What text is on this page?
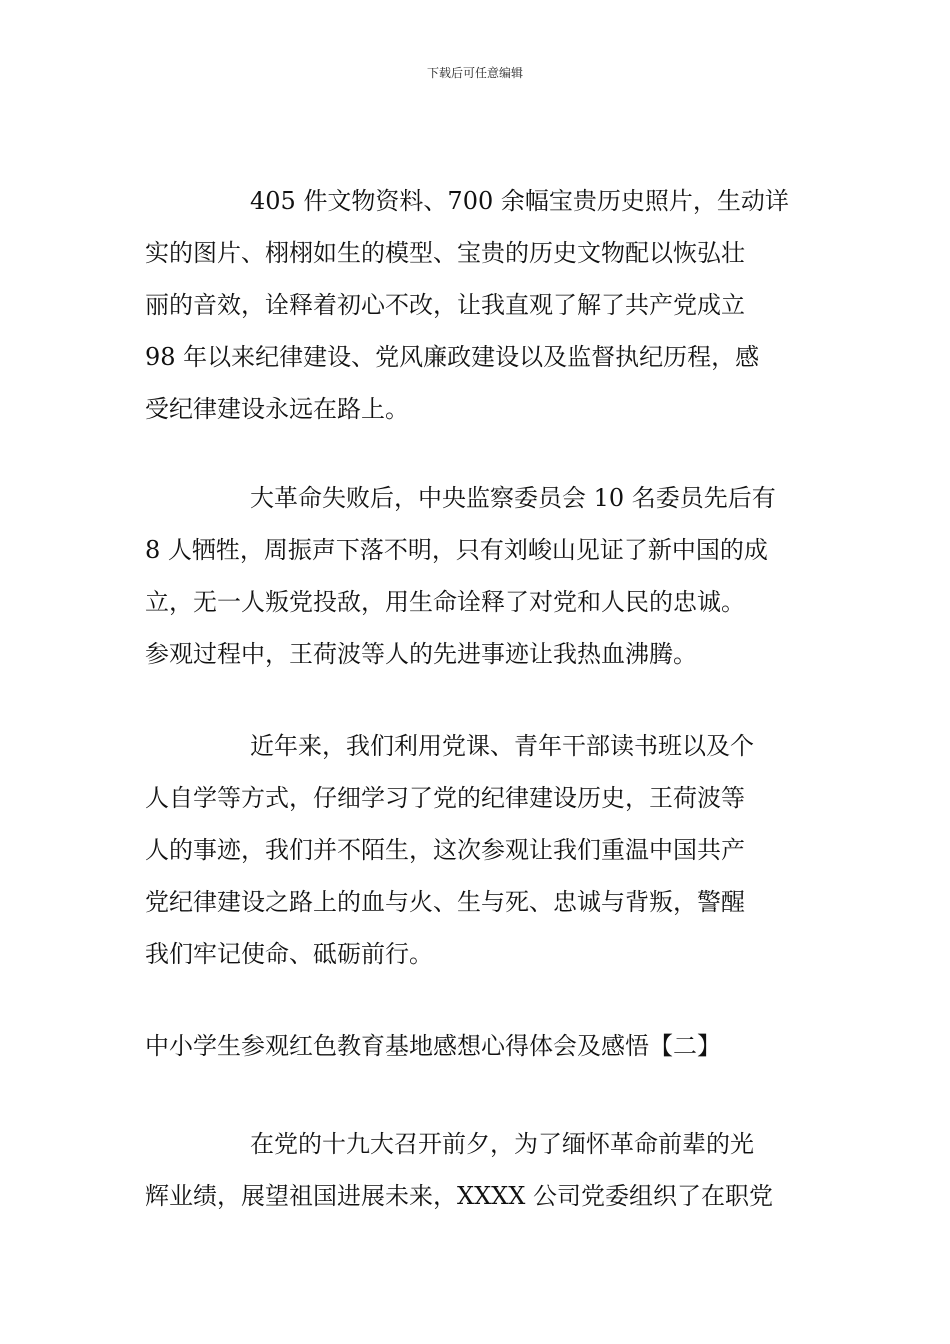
下载后可任意编辑
405 件文物资料、700 余幅宝贵历史照片，生动详
实的图片、栩栩如生的模型、宝贵的历史文物配以恢弘壮
丽的音效，诠释着初心不改，让我直观了解了共产党成立
98 年以来纪律建设、党风廉政建设以及监督执纪历程，感
受纪律建设永远在路上。
大革命失败后，中央监察委员会 10 名委员先后有
8 人牺牲，周振声下落不明，只有刘峻山见证了新中国的成
立，无一人叛党投敌，用生命诠释了对党和人民的忠诚。
参观过程中，王荷波等人的先进事迹让我热血沸腾。
近年来，我们利用党课、青年干部读书班以及个
人自学等方式，仔细学习了党的纪律建设历史，王荷波等
人的事迹，我们并不陌生，这次参观让我们重温中国共产
党纪律建设之路上的血与火、生与死、忠诚与背叛，警醒
我们牢记使命、砥砺前行。
中小学生参观红色教育基地感想心得体会及感悟【二】
在党的十九大召开前夕，为了缅怀革命前辈的光
辉业绩，展望祖国进展未来，XXXX 公司党委组织了在职党
